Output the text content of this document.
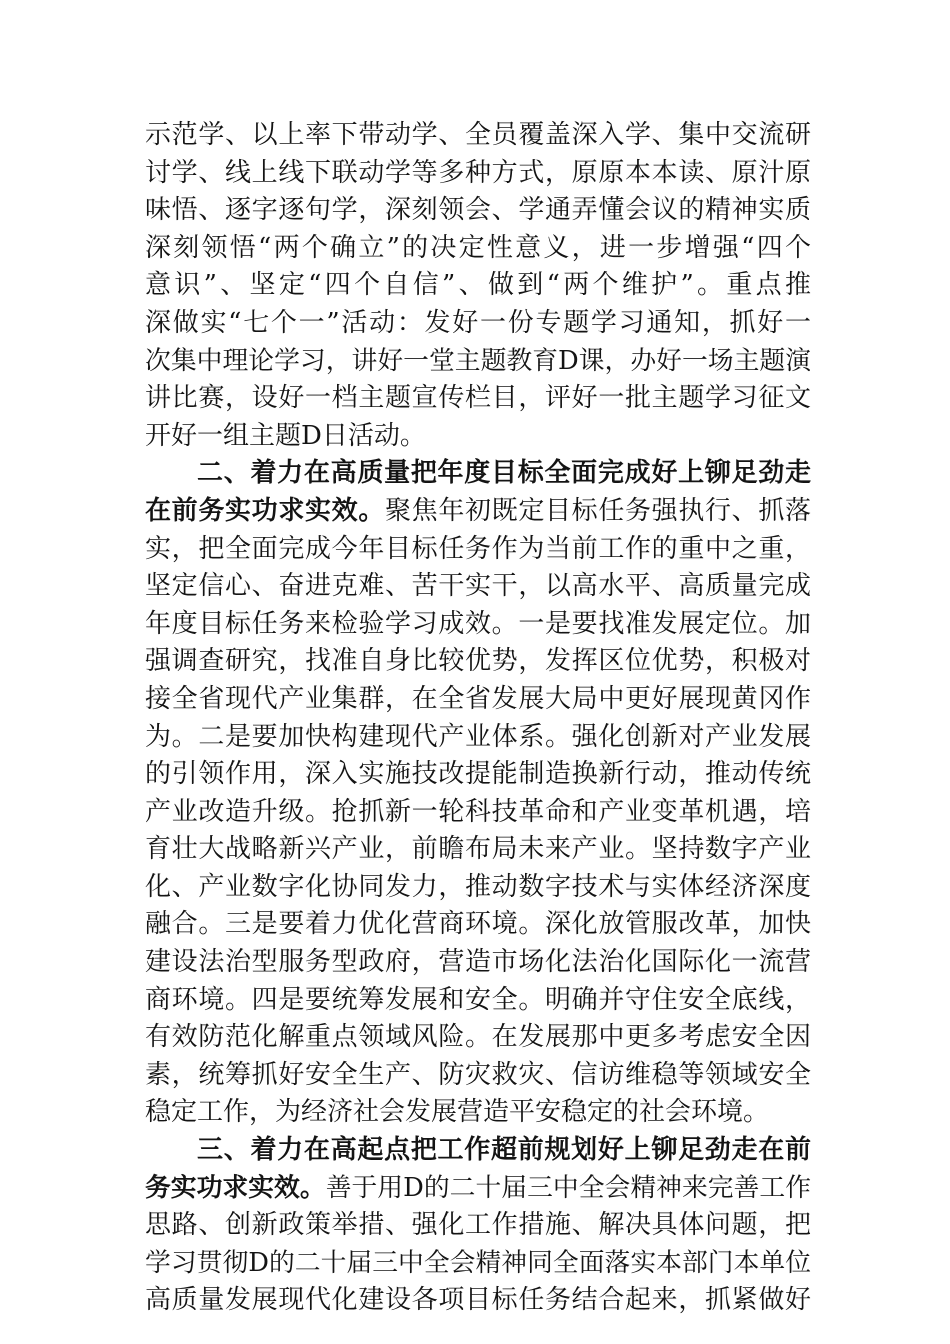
示范学、以上率下带动学、全员覆盖深入学、集中交流研
讨学、线上线下联动学等多种方式，原原本本读、原汁原
味悟、逐字逐句学，深刻领会、学通弄懂会议的精神实质
深刻领悟“两个确立”的决定性意义，进一步增强“四个
意识”、坚定“四个自信”、做到“两个维护”。重点推
深做实“七个一”活动：发好一份专题学习通知，抓好一
次集中理论学习，讲好一堂主题教育D课，办好一场主题演
讲比赛，设好一档主题宣传栏目，评好一批主题学习征文
开好一组主题D日活动。
二、着力在高质量把年度目标全面完成好上铆足劲走
在前务实功求实效。聚焦年初既定目标任务强执行、抓落
实，把全面完成今年目标任务作为当前工作的重中之重，
坚定信心、奋进克难、苦干实干，以高水平、高质量完成
年度目标任务来检验学习成效。一是要找准发展定位。加
强调查研究，找准自身比较优势，发挥区位优势，积极对
接全省现代产业集群，在全省发展大局中更好展现黄冈作
为。二是要加快构建现代产业体系。强化创新对产业发展
的引领作用，深入实施技改提能制造换新行动，推动传统
产业改造升级。抢抓新一轮科技革命和产业变革机遇，培
育壮大战略新兴产业，前瞻布局未来产业。坚持数字产业
化、产业数字化协同发力，推动数字技术与实体经济深度
融合。三是要着力优化营商环境。深化放管服改革，加快
建设法治型服务型政府，营造市场化法治化国际化一流营
商环境。四是要统筹发展和安全。明确并守住安全底线，
有效防范化解重点领域风险。在发展那中更多考虑安全因
素，统筹抓好安全生产、防灾救灾、信访维稳等领域安全
稳定工作，为经济社会发展营造平安稳定的社会环境。
三、着力在高起点把工作超前规划好上铆足劲走在前
务实功求实效。善于用D的二十届三中全会精神来完善工作
思路、创新政策举措、强化工作措施、解决具体问题，把
学习贯彻D的二十届三中全会精神同全面落实本部门本单位
高质量发展现代化建设各项目标任务结合起来，抓紧做好
